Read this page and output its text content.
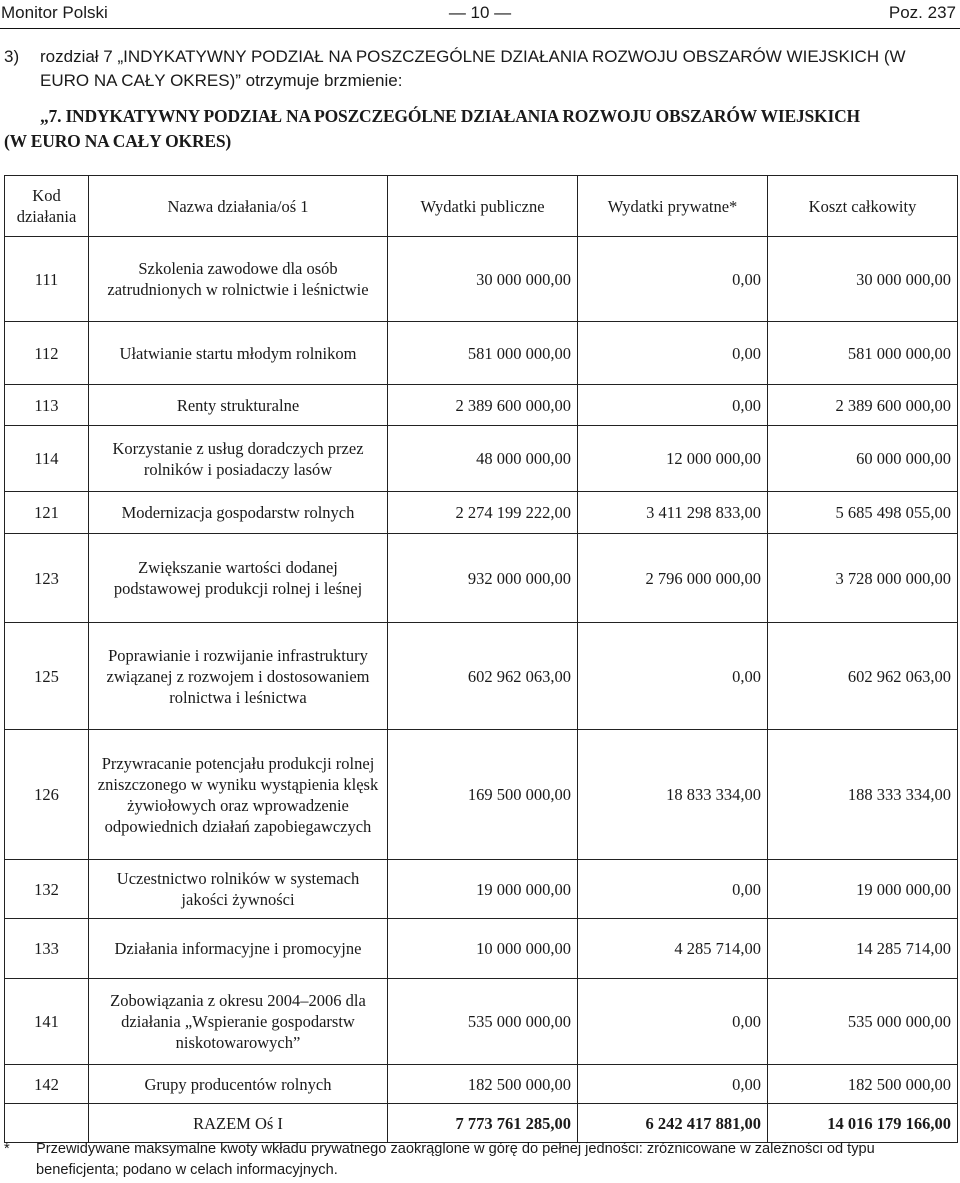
Monitor Polski	— 10 —	Poz. 237
3) rozdział 7 „INDYKATYWNY PODZIAŁ NA POSZCZEGÓLNE DZIAŁANIA ROZWOJU OBSZARÓW WIEJSKICH (W EURO NA CAŁY OKRES)” otrzymuje brzmienie:
„7. INDYKATYWNY PODZIAŁ NA POSZCZEGÓLNE DZIAŁANIA ROZWOJU OBSZARÓW WIEJSKICH
(W EURO NA CAŁY OKRES)
Kod działania	Nazwa działania/oś 1	Wydatki publiczne	Wydatki prywatne*	Koszt całkowity
111	Szkolenia zawodowe dla osób zatrudnionych w rolnictwie i leśnictwie	30 000 000,00	0,00	30 000 000,00
112	Ułatwianie startu młodym rolnikom	581 000 000,00	0,00	581 000 000,00
113	Renty strukturalne	2 389 600 000,00	0,00	2 389 600 000,00
114	Korzystanie z usług doradczych przez rolników i posiadaczy lasów	48 000 000,00	12 000 000,00	60 000 000,00
121	Modernizacja gospodarstw rolnych	2 274 199 222,00	3 411 298 833,00	5 685 498 055,00
123	Zwiększanie wartości dodanej podstawowej produkcji rolnej i leśnej	932 000 000,00	2 796 000 000,00	3 728 000 000,00
125	Poprawianie i rozwijanie infrastruktury związanej z rozwojem i dostosowaniem rolnictwa i leśnictwa	602 962 063,00	0,00	602 962 063,00
126	Przywracanie potencjału produkcji rolnej zniszczonego w wyniku wystąpienia klęsk żywiołowych oraz wprowadzenie odpowiednich działań zapobiegawczych	169 500 000,00	18 833 334,00	188 333 334,00
132	Uczestnictwo rolników w systemach jakości żywności	19 000 000,00	0,00	19 000 000,00
133	Działania informacyjne i promocyjne	10 000 000,00	4 285 714,00	14 285 714,00
141	Zobowiązania z okresu 2004–2006 dla działania „Wspieranie gospodarstw niskotowarowych”	535 000 000,00	0,00	535 000 000,00
142	Grupy producentów rolnych	182 500 000,00	0,00	182 500 000,00
	RAZEM Oś I	7 773 761 285,00	6 242 417 881,00	14 016 179 166,00
* Przewidywane maksymalne kwoty wkładu prywatnego zaokrąglone w górę do pełnej jedności: zróżnicowane w zależności od typu beneficjenta; podano w celach informacyjnych.
